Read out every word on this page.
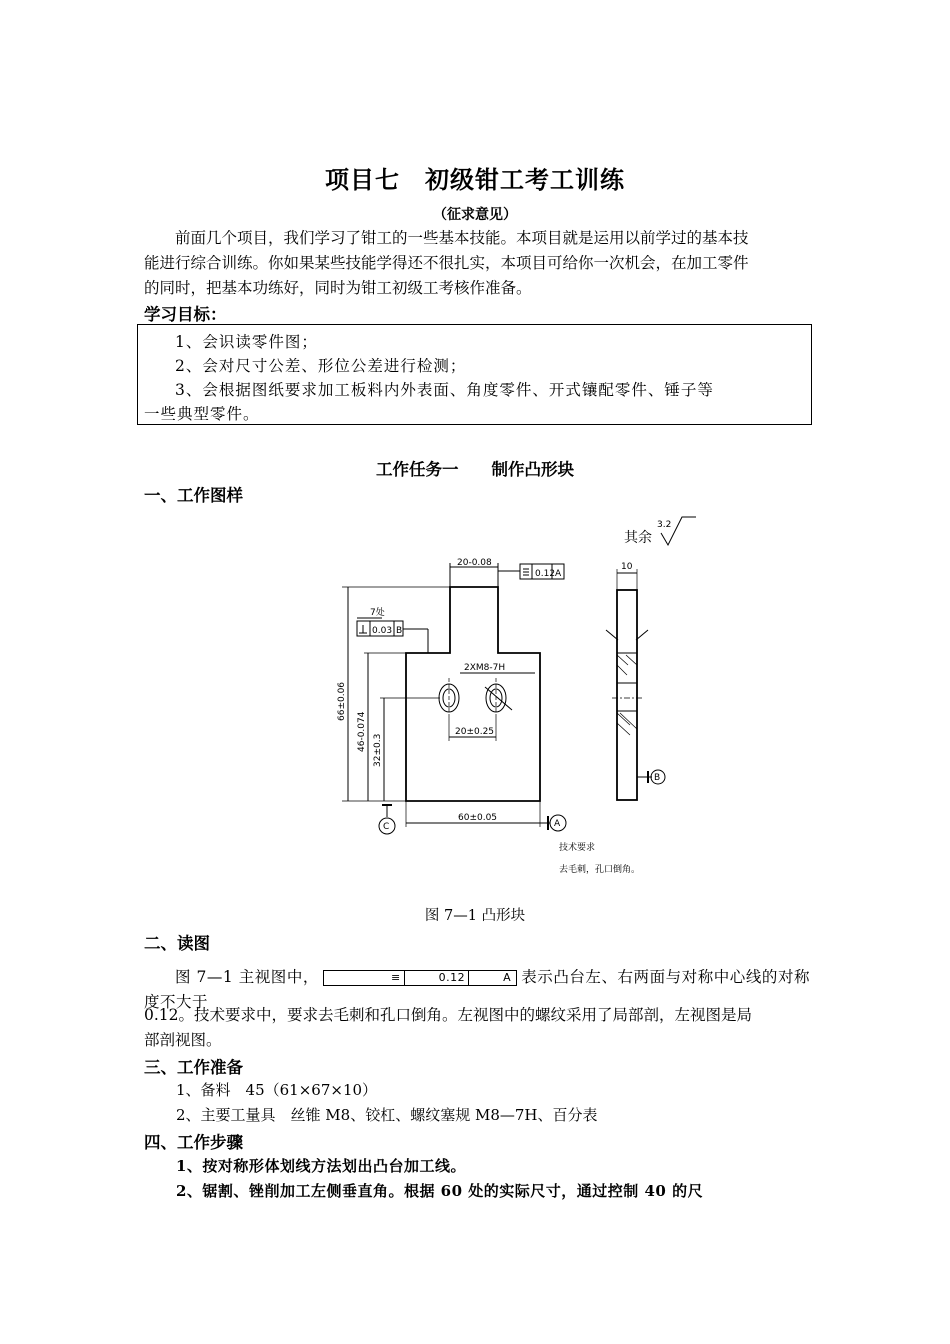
项目七　初级钳工考工训练
（征求意见）
前面几个项目，我们学习了钳工的一些基本技能。本项目就是运用以前学过的基本技
能进行综合训练。你如果某些技能学得还不很扎实，本项目可给你一次机会，在加工零件
的同时，把基本功练好，同时为钳工初级工考核作准备。
学习目标：
1、会识读零件图；
2、会对尺寸公差、形位公差进行检测；
3、会根据图纸要求加工板料内外表面、角度零件、开式镶配零件、锤子等
一些典型零件。
工作任务一　　制作凸形块
一、工作图样
20-0.08
0.12 A
7处
0.03 B
2XM8-7H
20±0.25
60±0.05
66±0.06
46-0.074 32±0.3
A
C
B
10
技术要求
去毛刺，孔口倒角。
其余
3.2
图 7—1 凸形块
二、读图
图 7—1 主视图中，	≡	0.12	A 表示凸台左、右两面与对称中心线的对称度不大于
0.12。技术要求中，要求去毛刺和孔口倒角。左视图中的螺纹采用了局部剖，左视图是局
部剖视图。
三、工作准备
1、备料　45（61×67×10）
2、主要工量具　丝锥 M8、铰杠、螺纹塞规 M8—7H、百分表
四、工作步骤
1、按对称形体划线方法划出凸台加工线。
2、锯割、锉削加工左侧垂直角。根据 60 处的实际尺寸，通过控制 40 的尺
